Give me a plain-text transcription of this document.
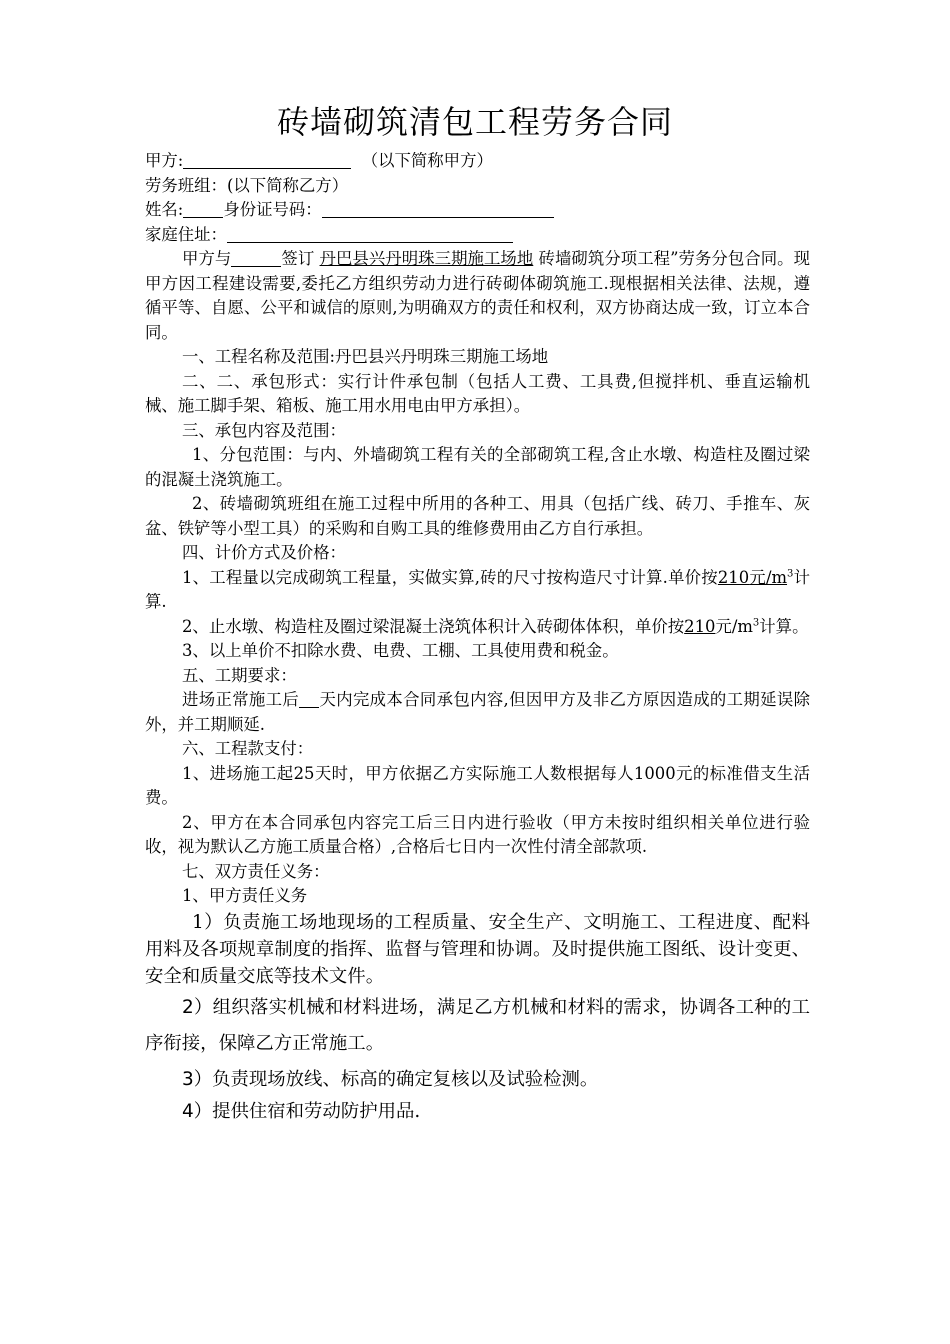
砖墙砌筑清包工程劳务合同

甲方:	（以下简称甲方）

劳务班组：(以下简称乙方）

姓名: 身份证号码：

家庭住址：

甲方与	签订 丹巴县兴丹明珠三期施工场地 砖墙砌筑分项工程”劳务分包合同。现甲方因工程建设需要,委托乙方组织劳动力进行砖砌体砌筑施工.现根据相关法律、法规，遵循平等、自愿、公平和诚信的原则,为明确双方的责任和权利，双方协商达成一致，订立本合同。

一、工程名称及范围:丹巴县兴丹明珠三期施工场地

二、二、承包形式：实行计件承包制（包括人工费、工具费,但搅拌机、垂直运输机械、施工脚手架、箱板、施工用水用电由甲方承担）。

三、承包内容及范围：

1、分包范围：与内、外墙砌筑工程有关的全部砌筑工程,含止水墩、构造柱及圈过梁的混凝土浇筑施工。

2、砖墙砌筑班组在施工过程中所用的各种工、用具（包括广线、砖刀、手推车、灰盆、铁铲等小型工具）的采购和自购工具的维修费用由乙方自行承担。

四、计价方式及价格：

1、工程量以完成砌筑工程量，实做实算,砖的尺寸按构造尺寸计算.单价按210元$/m^3$计算.

2、止水墩、构造柱及圈过梁混凝土浇筑体积计入砖砌体体积，单价按210元$/m^3$计算。

3、以上单价不扣除水费、电费、工棚、工具使用费和税金。

五、工期要求：

进场正常施工后 天内完成本合同承包内容,但因甲方及非乙方原因造成的工期延误除外，并工期顺延.

六、工程款支付：

1、进场施工起25天时，甲方依据乙方实际施工人数根据每人1000元的标准借支生活费。

2、甲方在本合同承包内容完工后三日内进行验收（甲方未按时组织相关单位进行验收，视为默认乙方施工质量合格）,合格后七日内一次性付清全部款项.

七、双方责任义务：

1、甲方责任义务

1）负责施工场地现场的工程质量、安全生产、文明施工、工程进度、配料用料及各项规章制度的指挥、监督与管理和协调。及时提供施工图纸、设计变更、安全和质量交底等技术文件。

2）组织落实机械和材料进场，满足乙方机械和材料的需求，协调各工种的工序衔接，保障乙方正常施工。

3）负责现场放线、标高的确定复核以及试验检测。

4）提供住宿和劳动防护用品.
